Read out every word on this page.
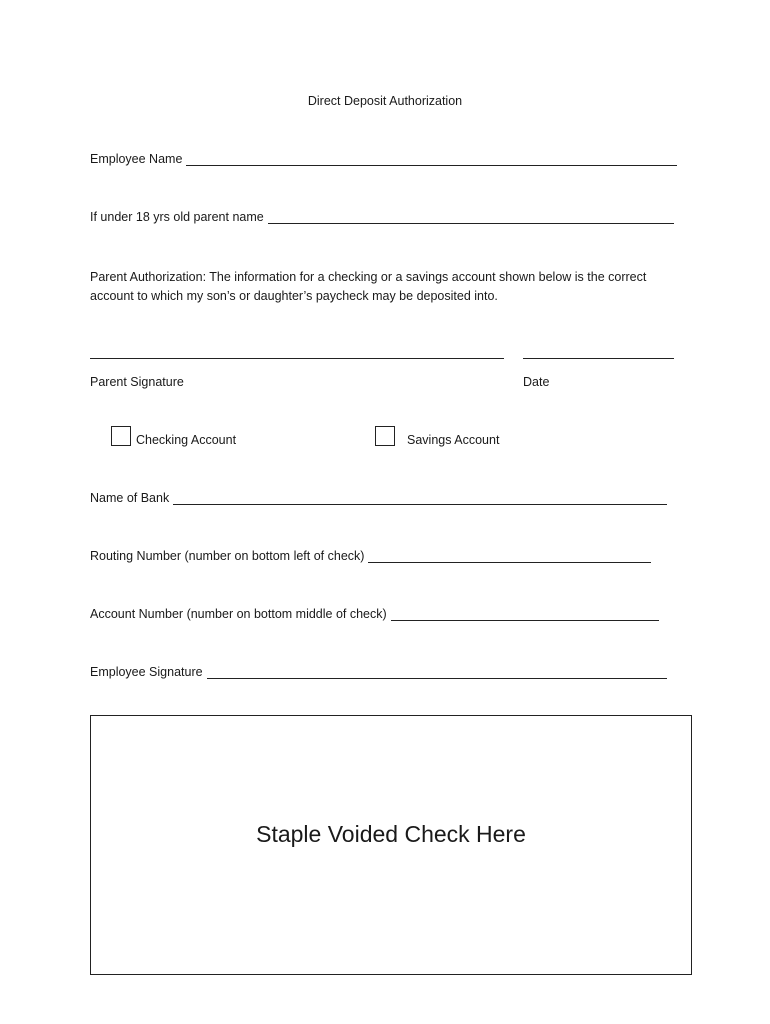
Direct Deposit Authorization
Employee Name
If under 18 yrs old parent name
Parent Authorization: The information for a checking or a savings account shown below is the correct account to which my son’s or daughter’s paycheck may be deposited into.
Parent Signature	Date
Checking Account	Savings Account
Name of Bank
Routing Number (number on bottom left of check)
Account Number (number on bottom middle of check)
Employee Signature
Staple Voided Check Here
